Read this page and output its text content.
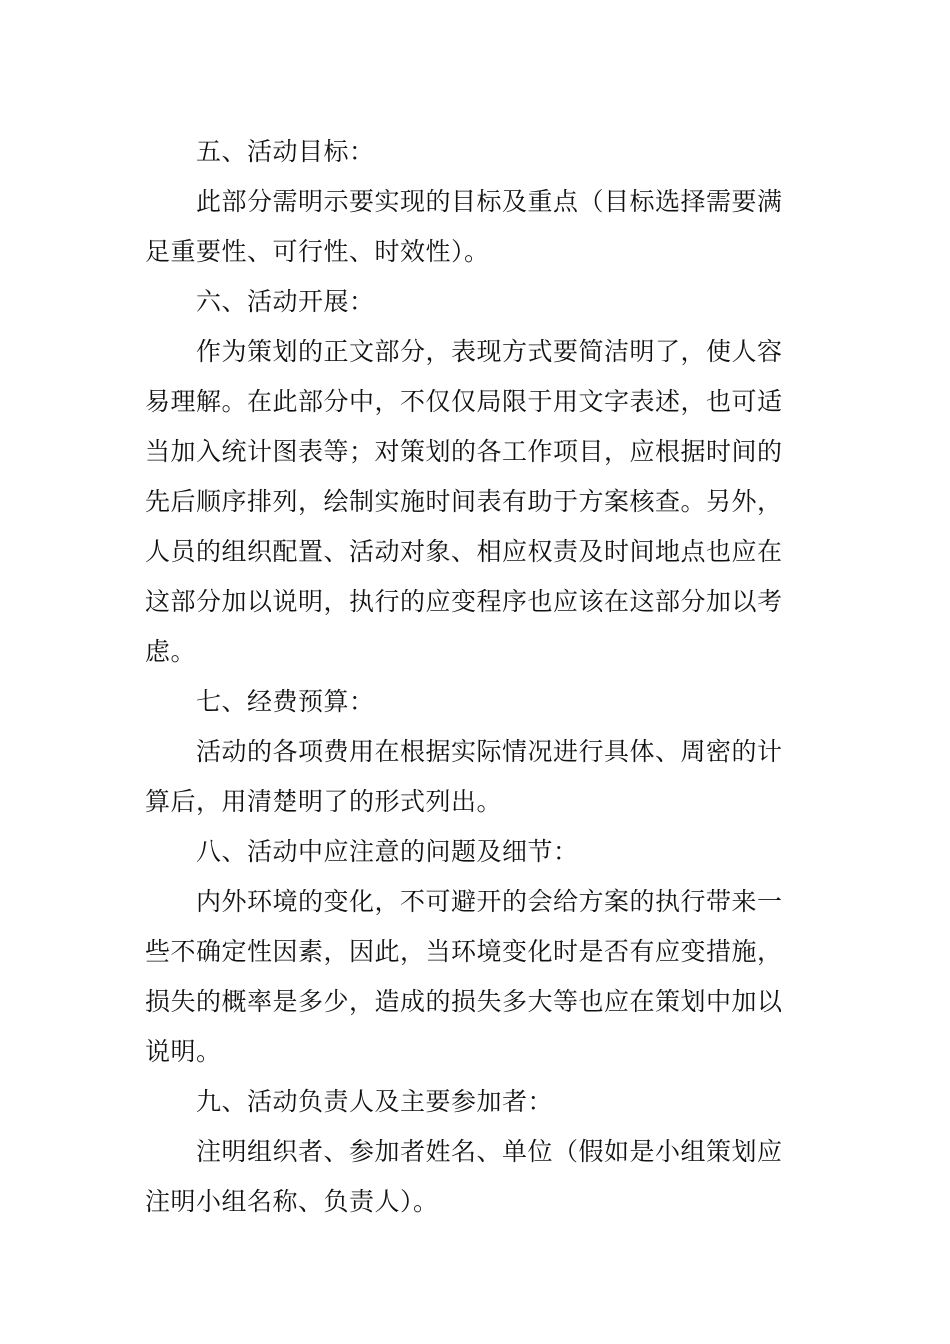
五、活动目标：
此部分需明示要实现的目标及重点（目标选择需要满
足重要性、可行性、时效性）。
六、活动开展：
作为策划的正文部分，表现方式要简洁明了，使人容
易理解。在此部分中，不仅仅局限于用文字表述，也可适
当加入统计图表等；对策划的各工作项目，应根据时间的
先后顺序排列，绘制实施时间表有助于方案核查。另外，
人员的组织配置、活动对象、相应权责及时间地点也应在
这部分加以说明，执行的应变程序也应该在这部分加以考
虑。
七、经费预算：
活动的各项费用在根据实际情况进行具体、周密的计
算后，用清楚明了的形式列出。
八、活动中应注意的问题及细节：
内外环境的变化，不可避开的会给方案的执行带来一
些不确定性因素，因此，当环境变化时是否有应变措施，
损失的概率是多少，造成的损失多大等也应在策划中加以
说明。
九、活动负责人及主要参加者：
注明组织者、参加者姓名、单位（假如是小组策划应
注明小组名称、负责人）。
